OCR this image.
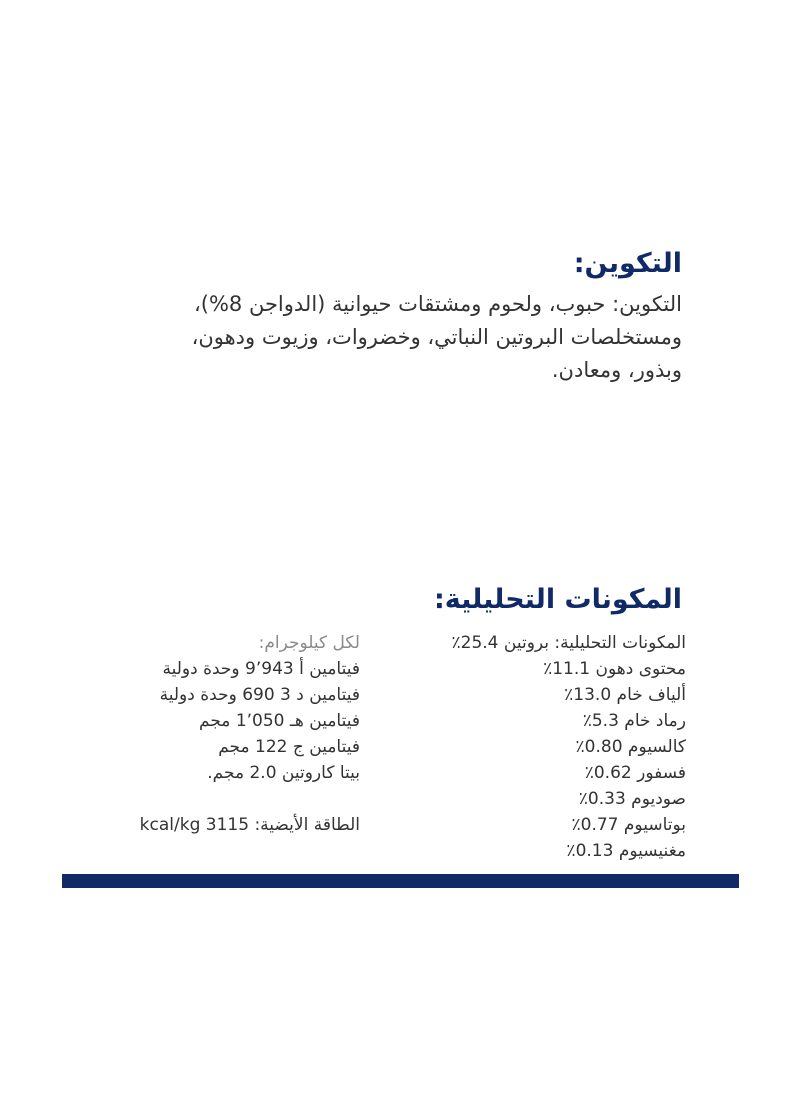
التكوين:
التكوين: حبوب، ولحوم ومشتقات حيوانية (الدواجن 8%)،
ومستخلصات البروتين النباتي، وخضروات، وزيوت ودهون،
وبذور، ومعادن.
المكونات التحليلية:
المكونات التحليلية: بروتين 25.4٪
محتوى دهون 11.1٪
ألياف خام 13.0٪
رماد خام 5.3٪
كالسيوم 0.80٪
فسفور 0.62٪
صوديوم 0.33٪
بوتاسيوم 0.77٪
مغنيسيوم 0.13٪
لكل كيلوجرام:
فيتامين أ 9٬943 وحدة دولية
فيتامين د 3 690 وحدة دولية
فيتامين هـ 1٬050 مجم
فيتامين ج 122 مجم
بيتا كاروتين 2.0 مجم.
الطاقة الأيضية: 3115 kcal/kg
